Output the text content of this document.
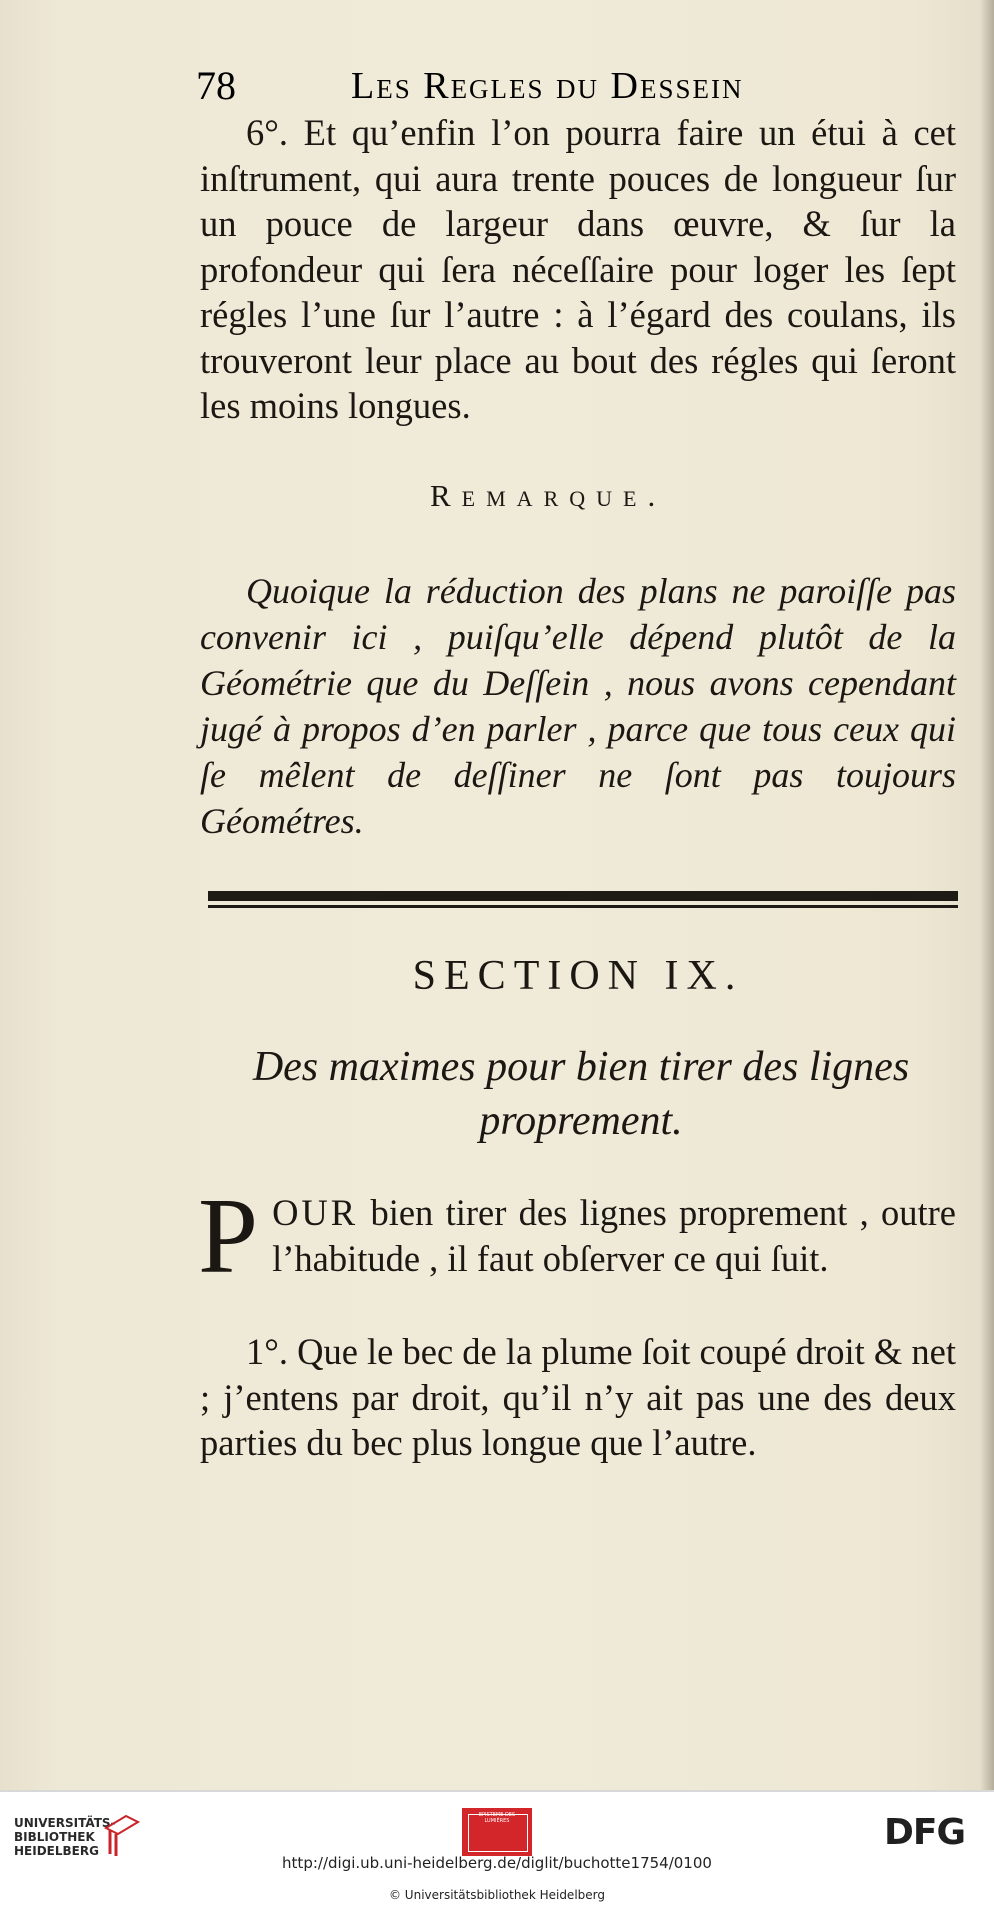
78	Les Regles du Dessein
6°. Et qu’enfin l’on pourra faire un étui à cet inſtrument, qui aura trente pouces de longueur ſur un pouce de largeur dans œuvre, & ſur la profondeur qui ſera néceſſaire pour loger les ſept régles l’une ſur l’autre : à l’égard des coulans, ils trouveront leur place au bout des régles qui ſeront les moins longues.
Remarque.
Quoique la réduction des plans ne paroiſſe pas convenir ici , puiſqu’elle dépend plutôt de la Géométrie que du Deſſein , nous avons cependant jugé à propos d’en parler , parce que tous ceux qui ſe mêlent de deſſiner ne ſont pas toujours Géométres.
SECTION IX.
Des maximes pour bien tirer des lignes proprement.
POUR bien tirer des lignes proprement , outre l’habitude , il faut obſerver ce qui ſuit.
1°. Que le bec de la plume ſoit coupé droit & net ; j’entens par droit, qu’il n’y ait pas une des deux parties du bec plus longue que l’autre.
UNIVERSITÄTS-
BIBLIOTHEK
HEIDELBERG
EPISTEME DES LUMIÈRES	DFG
http://digi.ub.uni-heidelberg.de/diglit/buchotte1754/0100
© Universitätsbibliothek Heidelberg
